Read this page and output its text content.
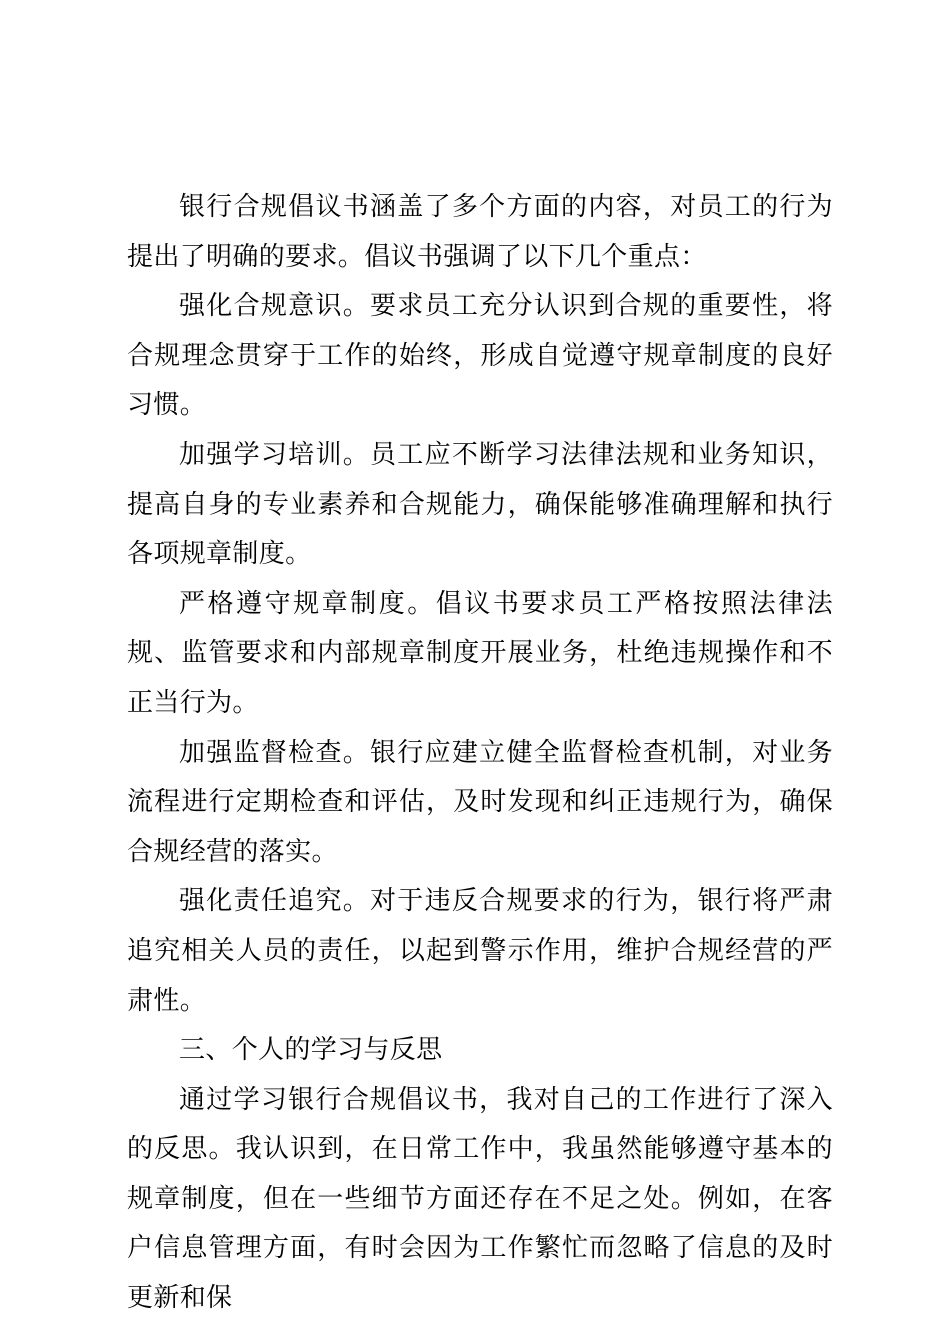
银行合规倡议书涵盖了多个方面的内容，对员工的行为提出了明确的要求。倡议书强调了以下几个重点：

强化合规意识。要求员工充分认识到合规的重要性，将合规理念贯穿于工作的始终，形成自觉遵守规章制度的良好习惯。

加强学习培训。员工应不断学习法律法规和业务知识，提高自身的专业素养和合规能力，确保能够准确理解和执行各项规章制度。

严格遵守规章制度。倡议书要求员工严格按照法律法规、监管要求和内部规章制度开展业务，杜绝违规操作和不正当行为。

加强监督检查。银行应建立健全监督检查机制，对业务流程进行定期检查和评估，及时发现和纠正违规行为，确保合规经营的落实。

强化责任追究。对于违反合规要求的行为，银行将严肃追究相关人员的责任，以起到警示作用，维护合规经营的严肃性。

三、个人的学习与反思

通过学习银行合规倡议书，我对自己的工作进行了深入的反思。我认识到，在日常工作中，我虽然能够遵守基本的规章制度，但在一些细节方面还存在不足之处。例如，在客户信息管理方面，有时会因为工作繁忙而忽略了信息的及时更新和保
